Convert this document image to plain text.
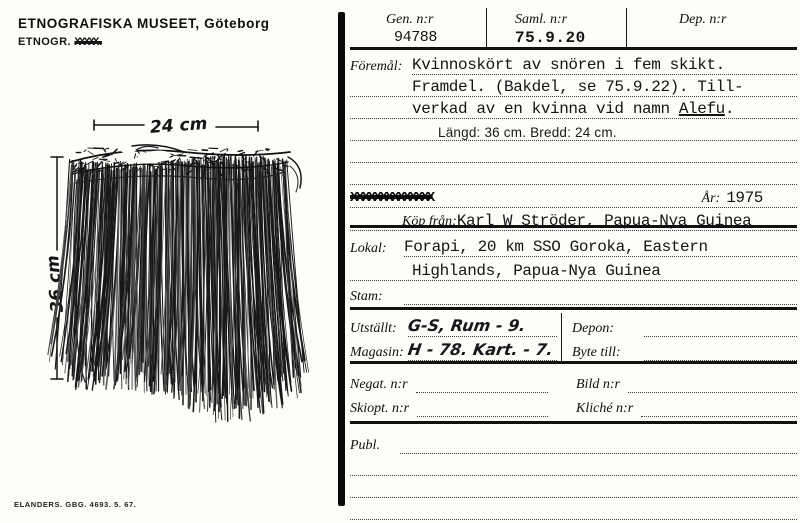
ETNOGRAFISKA MUSEET, Göteborg
ETNOGR. XXXXX.
24 cm
36 cm
ELANDERS. GBG. 4693. 5. 67.
Gen. n:r
94788
Saml. n:r
75.9.20
Dep. n:r
Föremål: Kvinnoskört av snören i fem skikt.
Framdel. (Bakdel, se 75.9.22). Till-
verkad av en kvinna vid namn Alefu.
Längd: 36 cm. Bredd: 24 cm.
XXXXXXXXXXXXXX	År: 1975
Köp från: Karl W Ströder, Papua-Nya Guinea
Lokal:	Forapi, 20 km SSO Goroka, Eastern
Highlands, Papua-Nya Guinea
Stam:
Utställt: G-S, Rum - 9.
Magasin: H - 78. Kart. - 7.
Depon:
Byte till:
Negat. n:r
Skiopt. n:r
Bild n:r
Kliché n:r
Publ.
